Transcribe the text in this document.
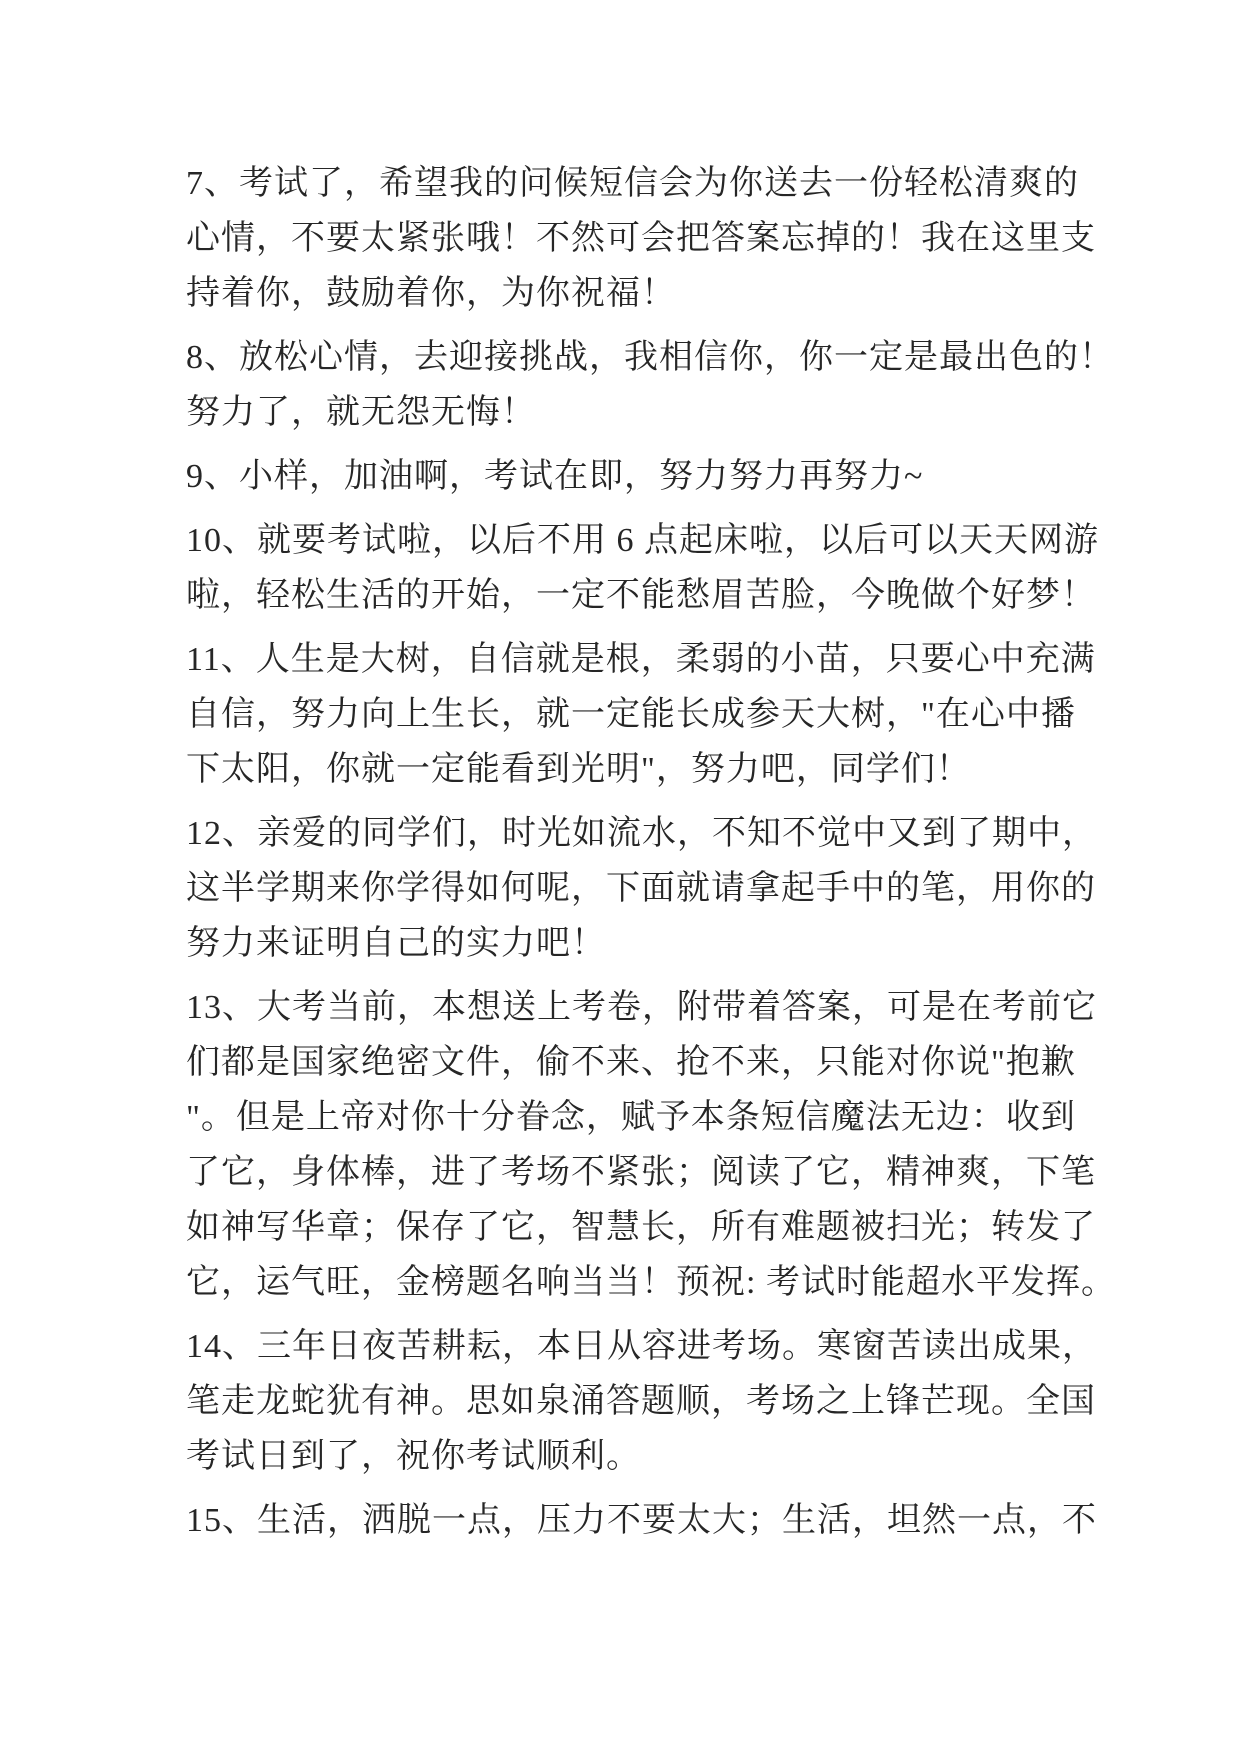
7、考试了，希望我的问候短信会为你送去一份轻松清爽的
心情，不要太紧张哦！不然可会把答案忘掉的！我在这里支
持着你，鼓励着你，为你祝福！
8、放松心情，去迎接挑战，我相信你，你一定是最出色的！
努力了，就无怨无悔！
9、小样，加油啊，考试在即，努力努力再努力~
10、就要考试啦，以后不用 6 点起床啦，以后可以天天网游
啦，轻松生活的开始，一定不能愁眉苦脸，今晚做个好梦！
11、人生是大树，自信就是根，柔弱的小苗，只要心中充满
自信，努力向上生长，就一定能长成参天大树，"在心中播
下太阳，你就一定能看到光明"，努力吧，同学们！
12、亲爱的同学们，时光如流水，不知不觉中又到了期中，
这半学期来你学得如何呢，下面就请拿起手中的笔，用你的
努力来证明自己的实力吧！
13、大考当前，本想送上考卷，附带着答案，可是在考前它
们都是国家绝密文件，偷不来、抢不来，只能对你说"抱歉
"。但是上帝对你十分眷念，赋予本条短信魔法无边：收到
了它，身体棒，进了考场不紧张；阅读了它，精神爽，下笔
如神写华章；保存了它，智慧长，所有难题被扫光；转发了
它，运气旺，金榜题名响当当！预祝: 考试时能超水平发挥。
14、三年日夜苦耕耘，本日从容进考场。寒窗苦读出成果，
笔走龙蛇犹有神。思如泉涌答题顺，考场之上锋芒现。全国
考试日到了，祝你考试顺利。
15、生活，洒脱一点，压力不要太大；生活，坦然一点，不
